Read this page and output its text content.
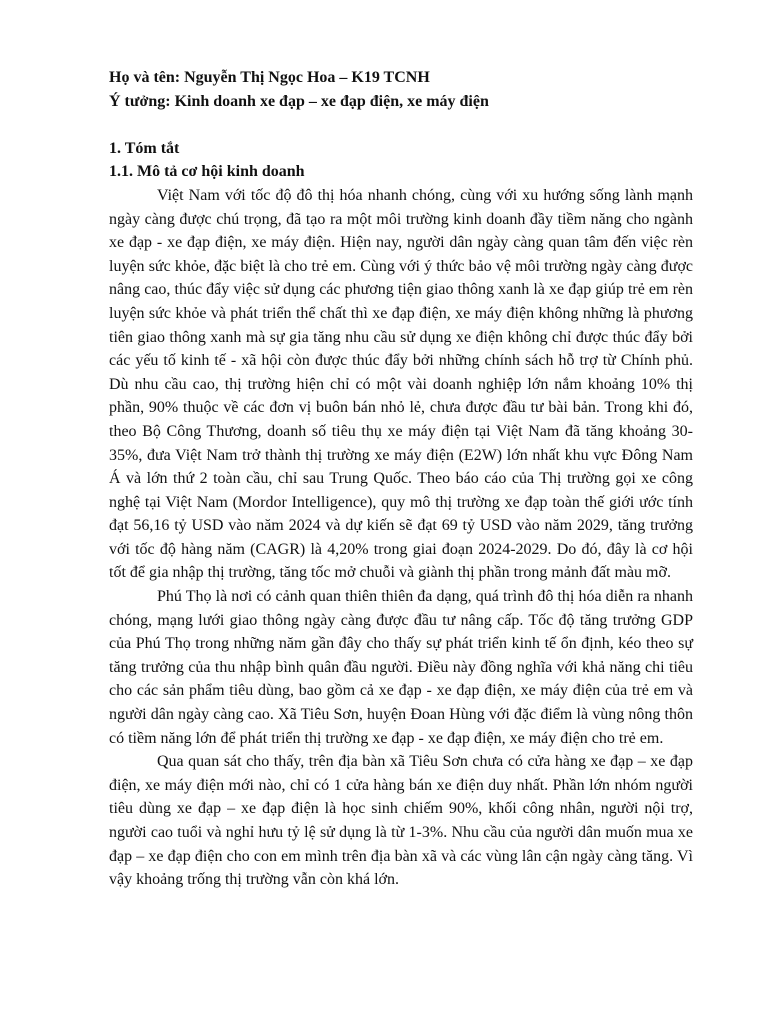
Họ và tên: Nguyễn Thị Ngọc Hoa – K19 TCNH

Ý tưởng: Kinh doanh xe đạp – xe đạp điện, xe máy điện

1. Tóm tắt

1.1. Mô tả cơ hội kinh doanh

Việt Nam với tốc độ đô thị hóa nhanh chóng, cùng với xu hướng sống lành mạnh ngày càng được chú trọng, đã tạo ra một môi trường kinh doanh đầy tiềm năng cho ngành xe đạp - xe đạp điện, xe máy điện. Hiện nay, người dân ngày càng quan tâm đến việc rèn luyện sức khỏe, đặc biệt là cho trẻ em. Cùng với ý thức bảo vệ môi trường ngày càng được nâng cao, thúc đẩy việc sử dụng các phương tiện giao thông xanh là xe đạp giúp trẻ em rèn luyện sức khỏe và phát triển thể chất thì xe đạp điện, xe máy điện không những là phương tiên giao thông xanh mà sự gia tăng nhu cầu sử dụng xe điện không chỉ được thúc đẩy bởi các yếu tố kinh tế - xã hội còn được thúc đẩy bởi những chính sách hỗ trợ từ Chính phủ. Dù nhu cầu cao, thị trường hiện chỉ có một vài doanh nghiệp lớn nắm khoảng 10% thị phần, 90% thuộc về các đơn vị buôn bán nhỏ lẻ, chưa được đầu tư bài bản. Trong khi đó, theo Bộ Công Thương, doanh số tiêu thụ xe máy điện tại Việt Nam đã tăng khoảng 30-35%, đưa Việt Nam trở thành thị trường xe máy điện (E2W) lớn nhất khu vực Đông Nam Á và lớn thứ 2 toàn cầu, chỉ sau Trung Quốc. Theo báo cáo của Thị trường gọi xe công nghệ tại Việt Nam (Mordor Intelligence), quy mô thị trường xe đạp toàn thế giới ước tính đạt 56,16 tỷ USD vào năm 2024 và dự kiến sẽ đạt 69 tỷ USD vào năm 2029, tăng trưởng với tốc độ hàng năm (CAGR) là 4,20% trong giai đoạn 2024-2029. Do đó, đây là cơ hội tốt để gia nhập thị trường, tăng tốc mở chuỗi và giành thị phần trong mảnh đất màu mỡ.

Phú Thọ là nơi có cảnh quan thiên thiên đa dạng, quá trình đô thị hóa diễn ra nhanh chóng, mạng lưới giao thông ngày càng được đầu tư nâng cấp. Tốc độ tăng trưởng GDP của Phú Thọ trong những năm gần đây cho thấy sự phát triển kinh tế ổn định, kéo theo sự tăng trưởng của thu nhập bình quân đầu người. Điều này đồng nghĩa với khả năng chi tiêu cho các sản phẩm tiêu dùng, bao gồm cả xe đạp - xe đạp điện, xe máy điện của trẻ em và người dân ngày càng cao. Xã Tiêu Sơn, huyện Đoan Hùng với đặc điểm là vùng nông thôn có tiềm năng lớn để phát triển thị trường xe đạp - xe đạp điện, xe máy điện cho trẻ em.

Qua quan sát cho thấy, trên địa bàn xã Tiêu Sơn chưa có cửa hàng xe đạp – xe đạp điện, xe máy điện mới nào, chỉ có 1 cửa hàng bán xe điện duy nhất. Phần lớn nhóm người tiêu dùng xe đạp – xe đạp điện là học sinh chiếm 90%, khối công nhân, người nội trợ, người cao tuổi và nghỉ hưu tỷ lệ sử dụng là từ 1-3%. Nhu cầu của người dân muốn mua xe đạp – xe đạp điện cho con em mình trên địa bàn xã và các vùng lân cận ngày càng tăng. Vì vậy khoảng trống thị trường vẫn còn khá lớn.
